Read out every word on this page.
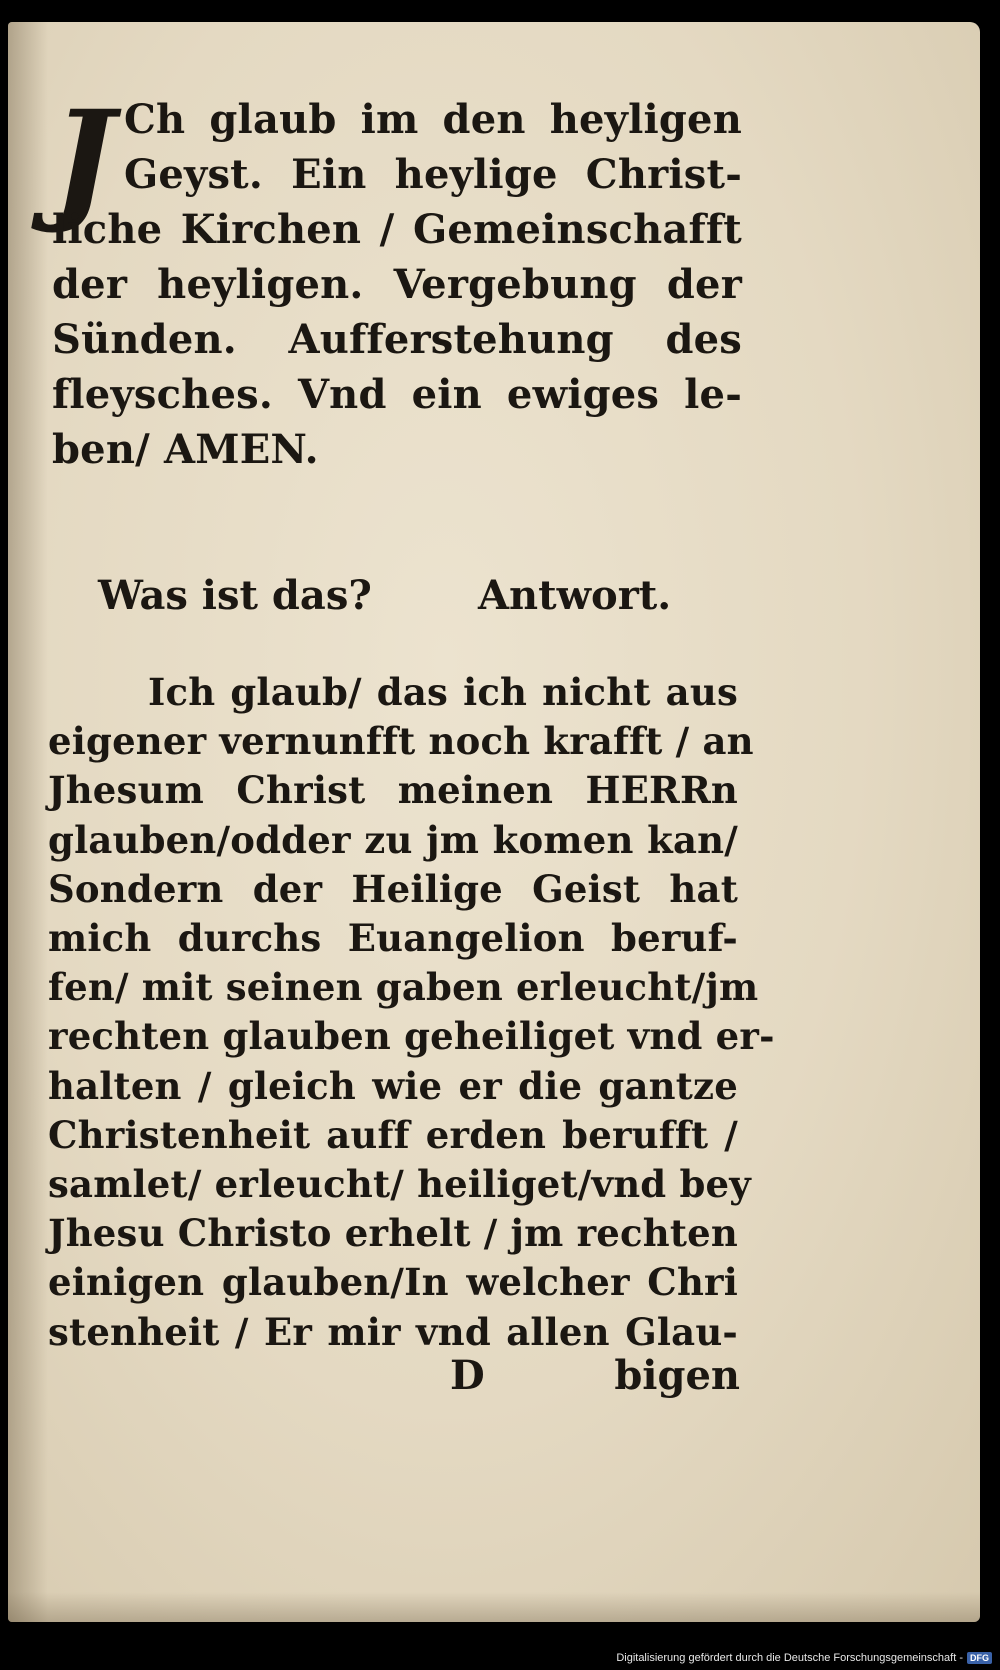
J Ch glaub im den heyligen
Geyst. Ein heylige Christ-
liche Kirchen / Gemeinschafft
der heyligen. Vergebung der
Sünden. Aufferstehung des
fleysches. Vnd ein ewiges le-
ben/ AMEN.
Was ist das?	Antwort.
Ich glaub/ das ich nicht aus
eigener vernunfft noch krafft / an
Jhesum Christ meinen HERRn
glauben/odder zu jm komen kan/
Sondern der Heilige Geist hat
mich durchs Euangelion beruf-
fen/ mit seinen gaben erleucht/jm
rechten glauben geheiliget vnd er-
halten / gleich wie er die gantze
Christenheit auff erden berufft /
samlet/ erleucht/ heiliget/vnd bey
Jhesu Christo erhelt / jm rechten
einigen glauben/In welcher Chri
stenheit / Er mir vnd allen Glau-
D	bigen
Digitalisierung gefördert durch die Deutsche Forschungsgemeinschaft - DFG
